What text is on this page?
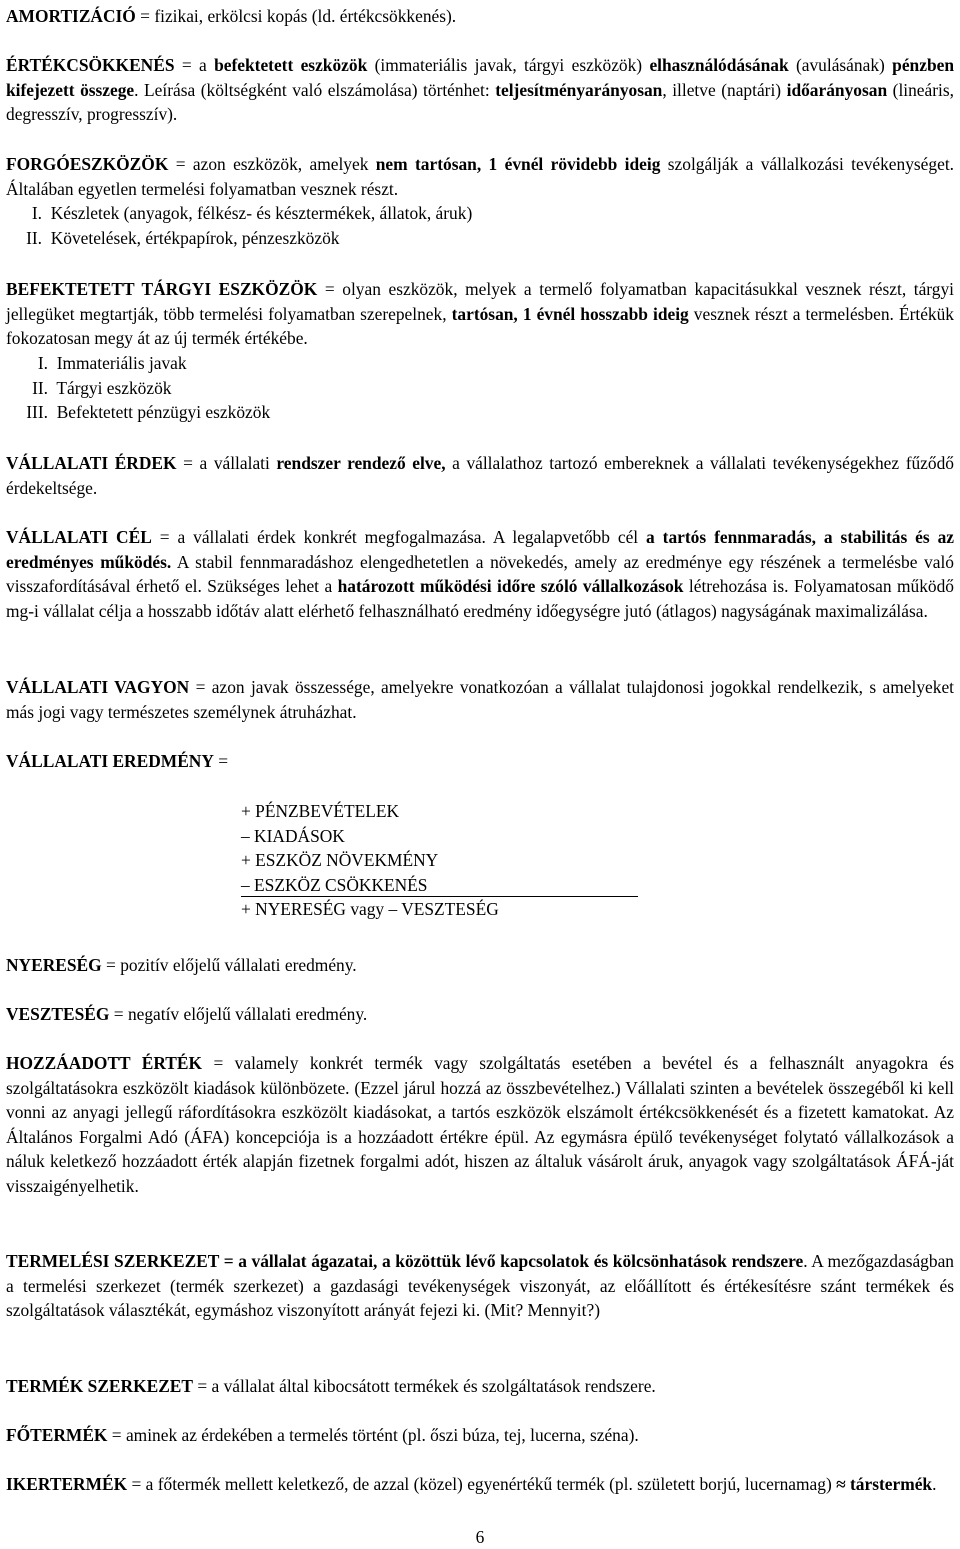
AMORTIZÁCIÓ = fizikai, erkölcsi kopás (ld. értékcsökkenés).

ÉRTÉKCSÖKKENÉS = a befektetett eszközök (immateriális javak, tárgyi eszközök) elhasználódásának (avulásának) pénzben kifejezett összege. Leírása (költségként való elszámolása) történhet: teljesítményarányosan, illetve (naptári) időarányosan (lineáris, degresszív, progresszív).

FORGÓESZKÖZÖK = azon eszközök, amelyek nem tartósan, 1 évnél rövidebb ideig szolgálják a vállalkozási tevékenységet. Általában egyetlen termelési folyamatban vesznek részt.

I. Készletek (anyagok, félkész- és késztermékek, állatok, áruk)
II. Követelések, értékpapírok, pénzeszközök

BEFEKTETETT TÁRGYI ESZKÖZÖK = olyan eszközök, melyek a termelő folyamatban kapacitásukkal vesznek részt, tárgyi jellegüket megtartják, több termelési folyamatban szerepelnek, tartósan, 1 évnél hosszabb ideig vesznek részt a termelésben. Értékük fokozatosan megy át az új termék értékébe.

I. Immateriális javak
II. Tárgyi eszközök
III. Befektetett pénzügyi eszközök

VÁLLALATI ÉRDEK = a vállalati rendszer rendező elve, a vállalathoz tartozó embereknek a vállalati tevékenységekhez fűződő érdekeltsége.

VÁLLALATI CÉL = a vállalati érdek konkrét megfogalmazása. A legalapvetőbb cél a tartós fennmaradás, a stabilitás és az eredményes működés. A stabil fennmaradáshoz elengedhetetlen a növekedés, amely az eredménye egy részének a termelésbe való visszafordításával érhető el. Szükséges lehet a határozott működési időre szóló vállalkozások létrehozása is. Folyamatosan működő mg-i vállalat célja a hosszabb időtáv alatt elérhető felhasználható eredmény időegységre jutó (átlagos) nagyságának maximalizálása.

VÁLLALATI VAGYON = azon javak összessége, amelyekre vonatkozóan a vállalat tulajdonosi jogokkal rendelkezik, s amelyeket más jogi vagy természetes személynek átruházhat.

VÁLLALATI EREDMÉNY =

+ PÉNZBEVÉTELEK
– KIADÁSOK
+ ESZKÖZ NÖVEKMÉNY
– ESZKÖZ CSÖKKENÉS
+ NYERESÉG vagy – VESZTESÉG

NYERESÉG = pozitív előjelű vállalati eredmény.

VESZTESÉG = negatív előjelű vállalati eredmény.

HOZZÁADOTT ÉRTÉK = valamely konkrét termék vagy szolgáltatás esetében a bevétel és a felhasznált anyagokra és szolgáltatásokra eszközölt kiadások különbözete. (Ezzel járul hozzá az összbevételhez.) Vállalati szinten a bevételek összegéből ki kell vonni az anyagi jellegű ráfordításokra eszközölt kiadásokat, a tartós eszközök elszámolt értékcsökkenését és a fizetett kamatokat. Az Általános Forgalmi Adó (ÁFA) koncepciója is a hozzáadott értékre épül. Az egymásra épülő tevékenységet folytató vállalkozások a náluk keletkező hozzáadott érték alapján fizetnek forgalmi adót, hiszen az általuk vásárolt áruk, anyagok vagy szolgáltatások ÁFÁ-ját visszaigényelhetik.

TERMELÉSI SZERKEZET = a vállalat ágazatai, a közöttük lévő kapcsolatok és kölcsönhatások rendszere. A mezőgazdaságban a termelési szerkezet (termék szerkezet) a gazdasági tevékenységek viszonyát, az előállított és értékesítésre szánt termékek és szolgáltatások választékát, egymáshoz viszonyított arányát fejezi ki. (Mit? Mennyit?)

TERMÉK SZERKEZET = a vállalat által kibocsátott termékek és szolgáltatások rendszere.

FŐTERMÉK = aminek az érdekében a termelés történt (pl. őszi búza, tej, lucerna, széna).

IKERTERMÉK = a főtermék mellett keletkező, de azzal (közel) egyenértékű termék (pl. született borjú, lucernamag) ≈ társtermék.

6
